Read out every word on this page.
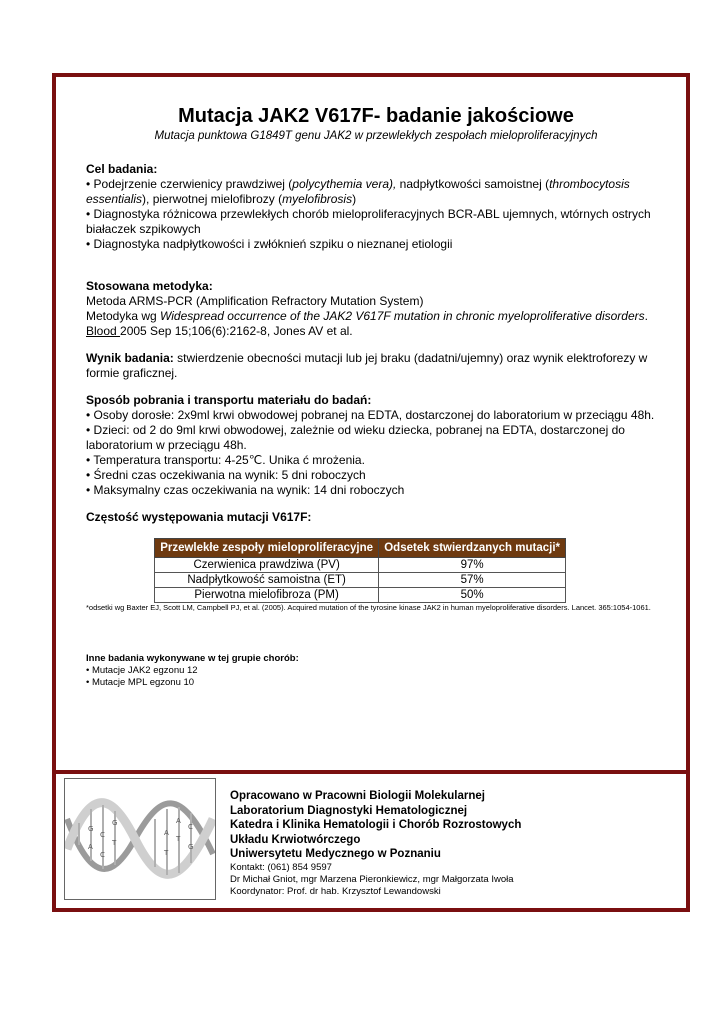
Mutacja JAK2 V617F- badanie jakościowe

Mutacja punktowa G1849T genu JAK2 w przewlekłych zespołach mieloproliferacyjnych

Cel badania:

• Podejrzenie czerwienicy prawdziwej (polycythemia vera), nadpłytkowości samoistnej (thrombocytosis essentialis), pierwotnej mielofibrozy (myelofibrosis)

• Diagnostyka różnicowa przewlekłych chorób mieloproliferacyjnych BCR-ABL ujemnych, wtórnych ostrych białaczek szpikowych

• Diagnostyka nadpłytkowości i zwłóknień szpiku o nieznanej etiologii

Stosowana metodyka:

Metoda ARMS-PCR (Amplification Refractory Mutation System)

Metodyka wg Widespread occurrence of the JAK2 V617F mutation in chronic myeloproliferative disorders. Blood 2005 Sep 15;106(6):2162-8, Jones AV et al.

Wynik badania: stwierdzenie obecności mutacji lub jej braku (dadatni/ujemny) oraz wynik elektroforezy w formie graficznej.

Sposób pobrania i transportu materiału do badań:

• Osoby dorosłe: 2x9ml krwi obwodowej pobranej na EDTA, dostarczonej do laboratorium w przeciągu 48h.

• Dzieci: od 2 do 9ml krwi obwodowej, zależnie od wieku dziecka, pobranej na EDTA, dostarczonej do laboratorium w przeciągu 48h.

• Temperatura transportu: 4-25℃. Unika ć mrożenia.

• Średni czas oczekiwania na wynik: 5 dni roboczych

• Maksymalny czas oczekiwania na wynik: 14 dni roboczych

Częstość występowania mutacji V617F:

Przewlekłe zespoły mieloproliferacyjne	Odsetek stwierdzanych mutacji*
Czerwienica prawdziwa (PV)	97%
Nadpłytkowość samoistna (ET)	57%
Pierwotna mielofibroza (PM)	50%

*odsetki wg Baxter EJ, Scott LM, Campbell PJ, et al. (2005). Acquired mutation of the tyrosine kinase JAK2 in human myeloproliferative disorders. Lancet. 365:1054-1061.

Inne badania wykonywane w tej grupie chorób:

• Mutacje JAK2 egzonu 12

• Mutacje MPL egzonu 10

G
C
T
A
C
G
A
T
C
T
A
G
Opracowano w Pracowni Biologii Molekularnej
Laboratorium Diagnostyki Hematologicznej
Katedra i Klinika Hematologii i Chorób Rozrostowych
Układu Krwiotwórczego
Uniwersytetu Medycznego w Poznaniu
Kontakt: (061) 854 9597
Dr Michał Gniot, mgr Marzena Pieronkiewicz, mgr Małgorzata Iwoła
Koordynator: Prof. dr hab. Krzysztof Lewandowski
